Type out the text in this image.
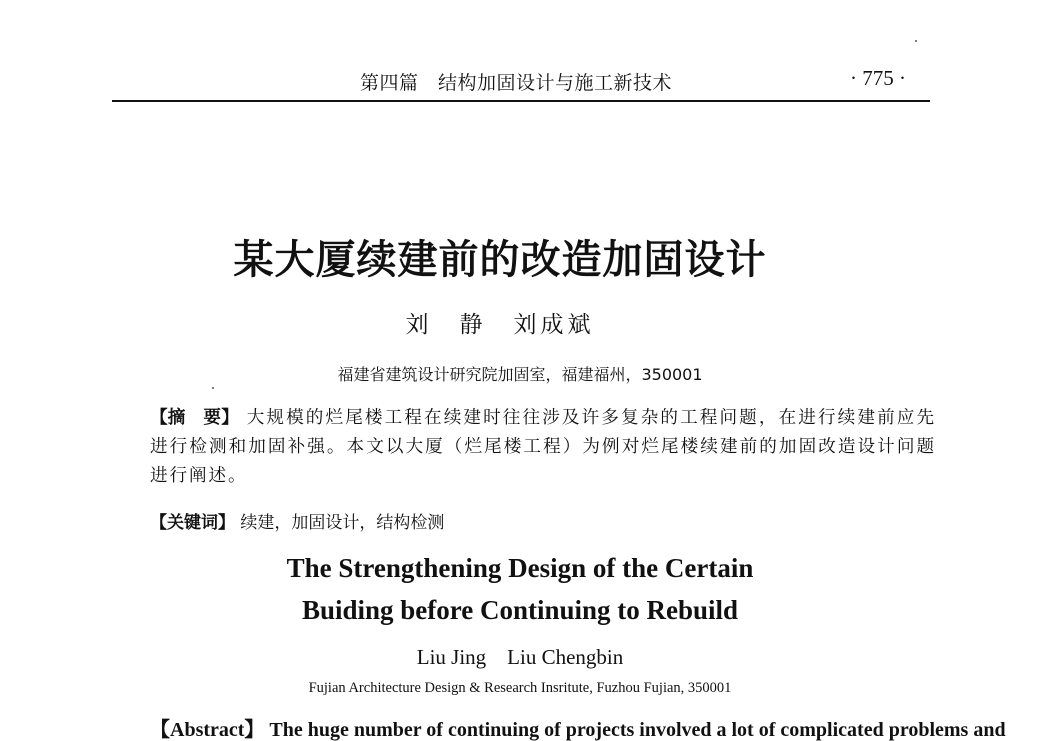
第四篇　结构加固设计与施工新技术	· 775 ·
某大厦续建前的改造加固设计
刘　静　刘成斌
福建省建筑设计研究院加固室，福建福州，350001
【摘　要】 大规模的烂尾楼工程在续建时往往涉及许多复杂的工程问题，在进行续建前应先进行检测和加固补强。本文以大厦（烂尾楼工程）为例对烂尾楼续建前的加固改造设计问题进行阐述。
【关键词】 续建，加固设计，结构检测
The Strengthening Design of the Certain
Buiding before Continuing to Rebuild
Liu Jing　Liu Chengbin
Fujian Architecture Design & Research Insritute, Fuzhou Fujian, 350001
【Abstract】 The huge number of continuing of projects involved a lot of complicated problems and
